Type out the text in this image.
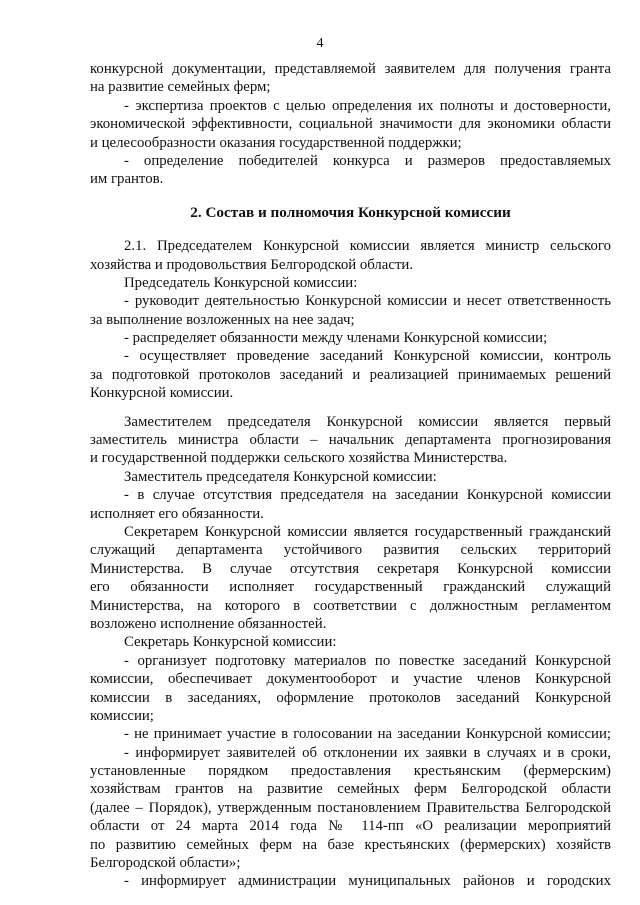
4
конкурсной документации, представляемой заявителем для получения гранта
на развитие семейных ферм;
- экспертиза проектов с целью определения их полноты и достоверности,
экономической эффективности, социальной значимости для экономики области
и целесообразности оказания государственной поддержки;
- определение победителей конкурса и размеров предоставляемых
им грантов.
2. Состав и полномочия Конкурсной комиссии
2.1. Председателем Конкурсной комиссии является министр сельского
хозяйства и продовольствия Белгородской области.
Председатель Конкурсной комиссии:
- руководит деятельностью Конкурсной комиссии и несет ответственность
за выполнение возложенных на нее задач;
- распределяет обязанности между членами Конкурсной комиссии;
- осуществляет проведение заседаний Конкурсной комиссии, контроль
за подготовкой протоколов заседаний и реализацией принимаемых решений
Конкурсной комиссии.
Заместителем председателя Конкурсной комиссии является первый
заместитель министра области – начальник департамента прогнозирования
и государственной поддержки сельского хозяйства Министерства.
Заместитель председателя Конкурсной комиссии:
- в случае отсутствия председателя на заседании Конкурсной комиссии
исполняет его обязанности.
Секретарем Конкурсной комиссии является государственный гражданский
служащий департамента устойчивого развития сельских территорий
Министерства. В случае отсутствия секретаря Конкурсной комиссии
его обязанности исполняет государственный гражданский служащий
Министерства, на которого в соответствии с должностным регламентом
возложено исполнение обязанностей.
Секретарь Конкурсной комиссии:
- организует подготовку материалов по повестке заседаний Конкурсной
комиссии, обеспечивает документооборот и участие членов Конкурсной
комиссии в заседаниях, оформление протоколов заседаний Конкурсной
комиссии;
- не принимает участие в голосовании на заседании Конкурсной комиссии;
- информирует заявителей об отклонении их заявки в случаях и в сроки,
установленные порядком предоставления крестьянским (фермерским)
хозяйствам грантов на развитие семейных ферм Белгородской области
(далее – Порядок), утвержденным постановлением Правительства Белгородской
области от 24 марта 2014 года № 114-пп «О реализации мероприятий
по развитию семейных ферм на базе крестьянских (фермерских) хозяйств
Белгородской области»;
- информирует администрации муниципальных районов и городских
